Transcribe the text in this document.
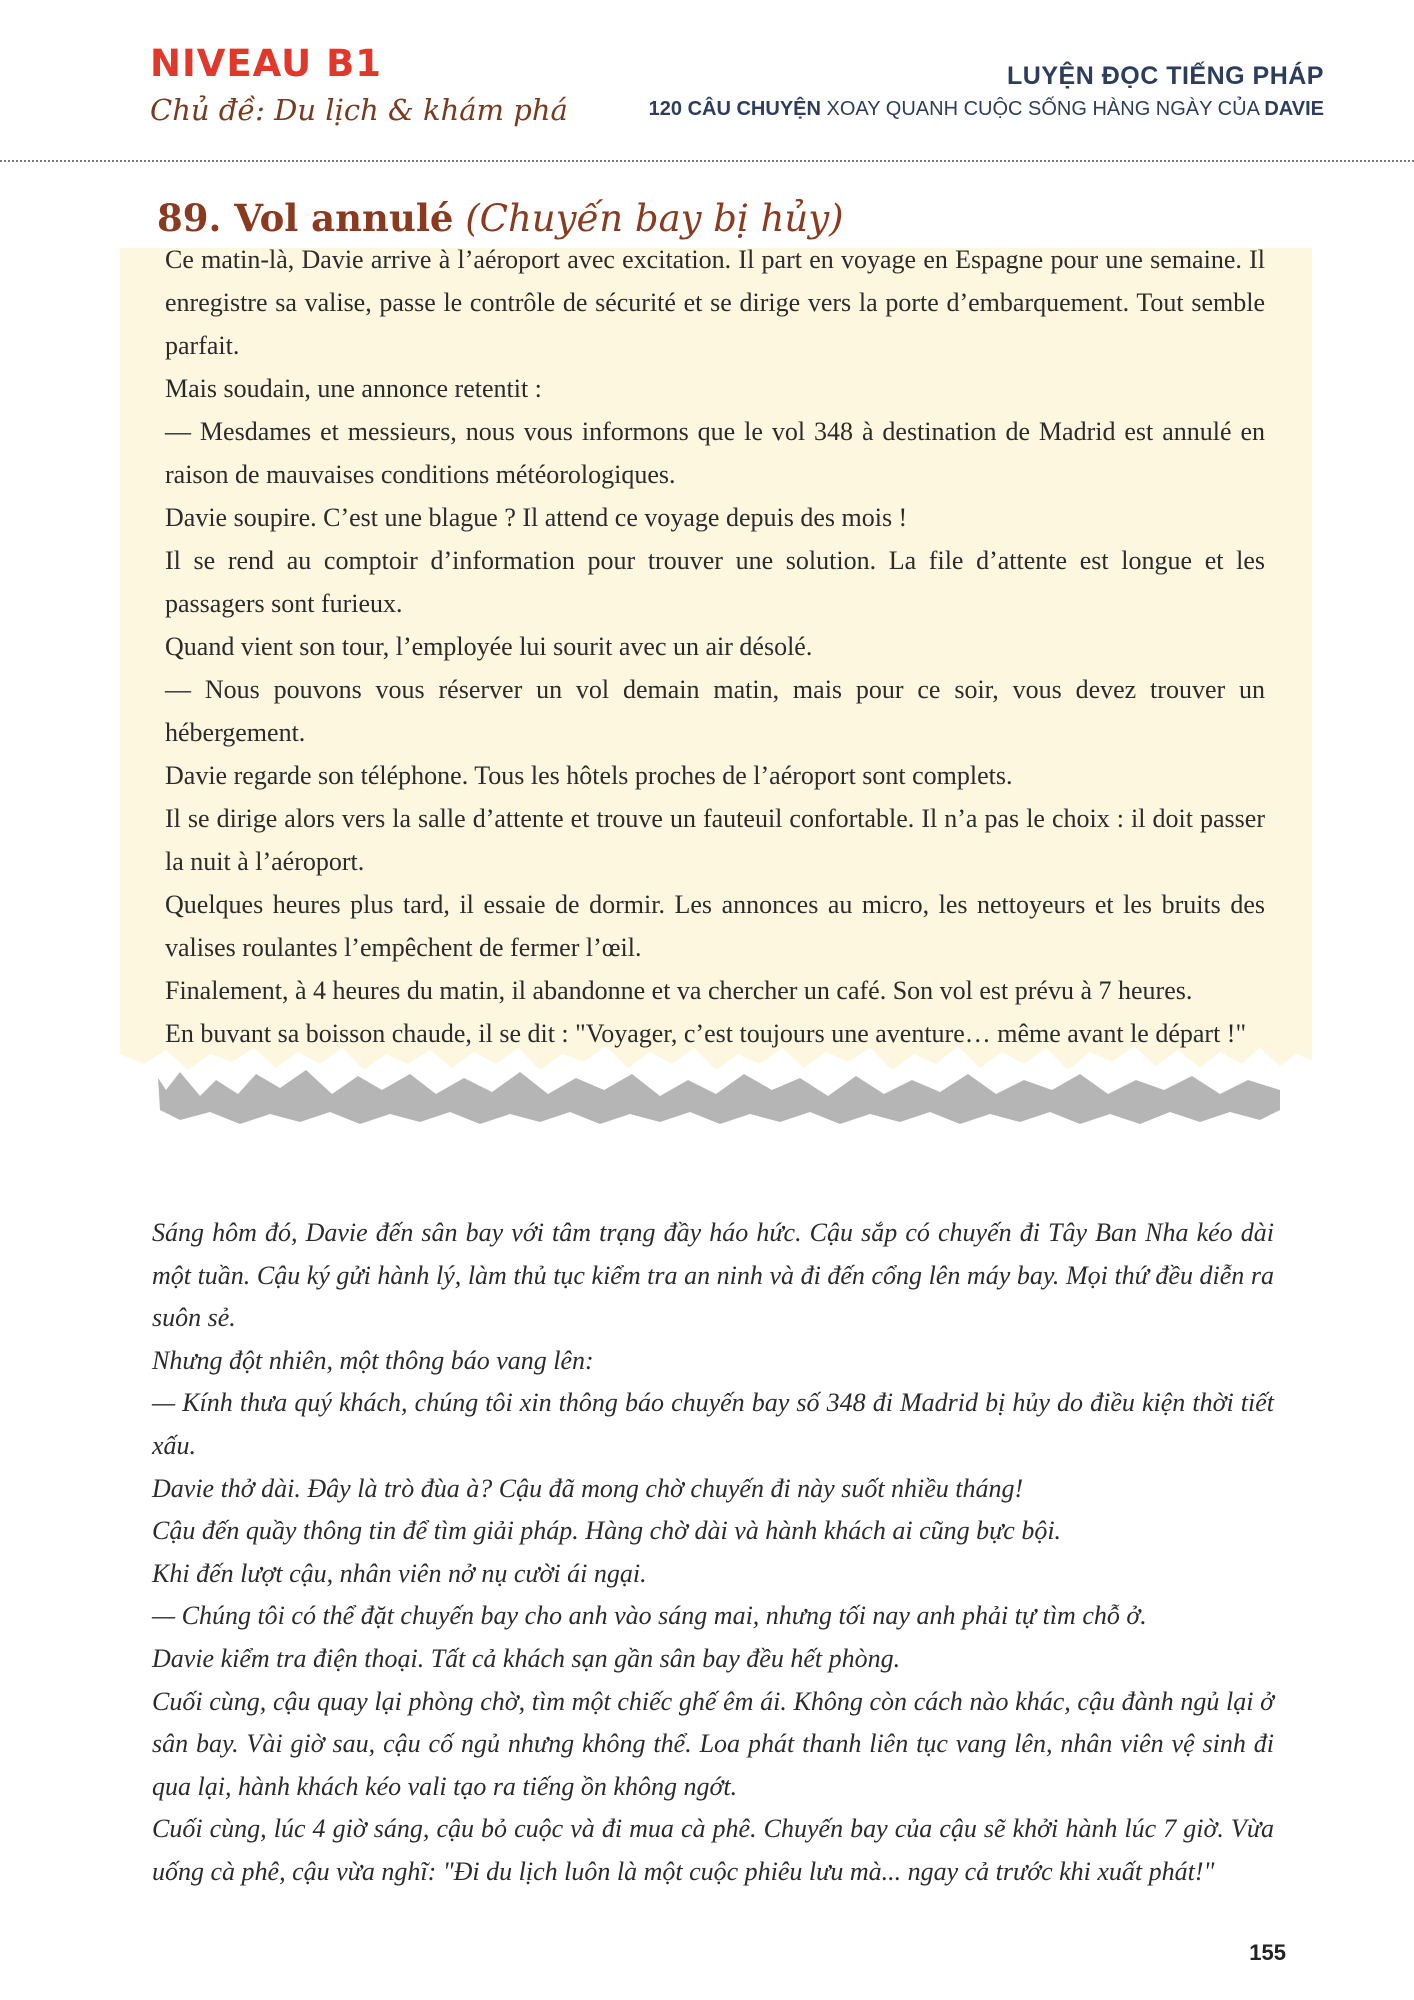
NIVEAU B1
Chủ đề: Du lịch & khám phá
LUYỆN ĐỌC TIẾNG PHÁP
120 CÂU CHUYỆN XOAY QUANH CUỘC SỐNG HÀNG NGÀY CỦA DAVIE
89. Vol annulé (Chuyến bay bị hủy)

Ce matin-là, Davie arrive à l’aéroport avec excitation. Il part en voyage en Espagne pour une semaine. Il enregistre sa valise, passe le contrôle de sécurité et se dirige vers la porte d’embarquement. Tout semble parfait.

Mais soudain, une annonce retentit :

— Mesdames et messieurs, nous vous informons que le vol 348 à destination de Madrid est annulé en raison de mauvaises conditions météorologiques.

Davie soupire. C’est une blague ? Il attend ce voyage depuis des mois !

Il se rend au comptoir d’information pour trouver une solution. La file d’attente est longue et les passagers sont furieux.

Quand vient son tour, l’employée lui sourit avec un air désolé.

— Nous pouvons vous réserver un vol demain matin, mais pour ce soir, vous devez trouver un hébergement.

Davie regarde son téléphone. Tous les hôtels proches de l’aéroport sont complets.

Il se dirige alors vers la salle d’attente et trouve un fauteuil confortable. Il n’a pas le choix : il doit passer la nuit à l’aéroport.

Quelques heures plus tard, il essaie de dormir. Les annonces au micro, les nettoyeurs et les bruits des valises roulantes l’empêchent de fermer l’œil.

Finalement, à 4 heures du matin, il abandonne et va chercher un café. Son vol est prévu à 7 heures.

En buvant sa boisson chaude, il se dit : "Voyager, c’est toujours une aventure… même avant le départ !"

Sáng hôm đó, Davie đến sân bay với tâm trạng đầy háo hức. Cậu sắp có chuyến đi Tây Ban Nha kéo dài một tuần. Cậu ký gửi hành lý, làm thủ tục kiểm tra an ninh và đi đến cổng lên máy bay. Mọi thứ đều diễn ra suôn sẻ.

Nhưng đột nhiên, một thông báo vang lên:

— Kính thưa quý khách, chúng tôi xin thông báo chuyến bay số 348 đi Madrid bị hủy do điều kiện thời tiết xấu.

Davie thở dài. Đây là trò đùa à? Cậu đã mong chờ chuyến đi này suốt nhiều tháng!

Cậu đến quầy thông tin để tìm giải pháp. Hàng chờ dài và hành khách ai cũng bực bội.

Khi đến lượt cậu, nhân viên nở nụ cười ái ngại.

— Chúng tôi có thể đặt chuyến bay cho anh vào sáng mai, nhưng tối nay anh phải tự tìm chỗ ở.

Davie kiểm tra điện thoại. Tất cả khách sạn gần sân bay đều hết phòng.

Cuối cùng, cậu quay lại phòng chờ, tìm một chiếc ghế êm ái. Không còn cách nào khác, cậu đành ngủ lại ở sân bay. Vài giờ sau, cậu cố ngủ nhưng không thể. Loa phát thanh liên tục vang lên, nhân viên vệ sinh đi qua lại, hành khách kéo vali tạo ra tiếng ồn không ngớt.

Cuối cùng, lúc 4 giờ sáng, cậu bỏ cuộc và đi mua cà phê. Chuyến bay của cậu sẽ khởi hành lúc 7 giờ. Vừa uống cà phê, cậu vừa nghĩ: "Đi du lịch luôn là một cuộc phiêu lưu mà... ngay cả trước khi xuất phát!"

155
